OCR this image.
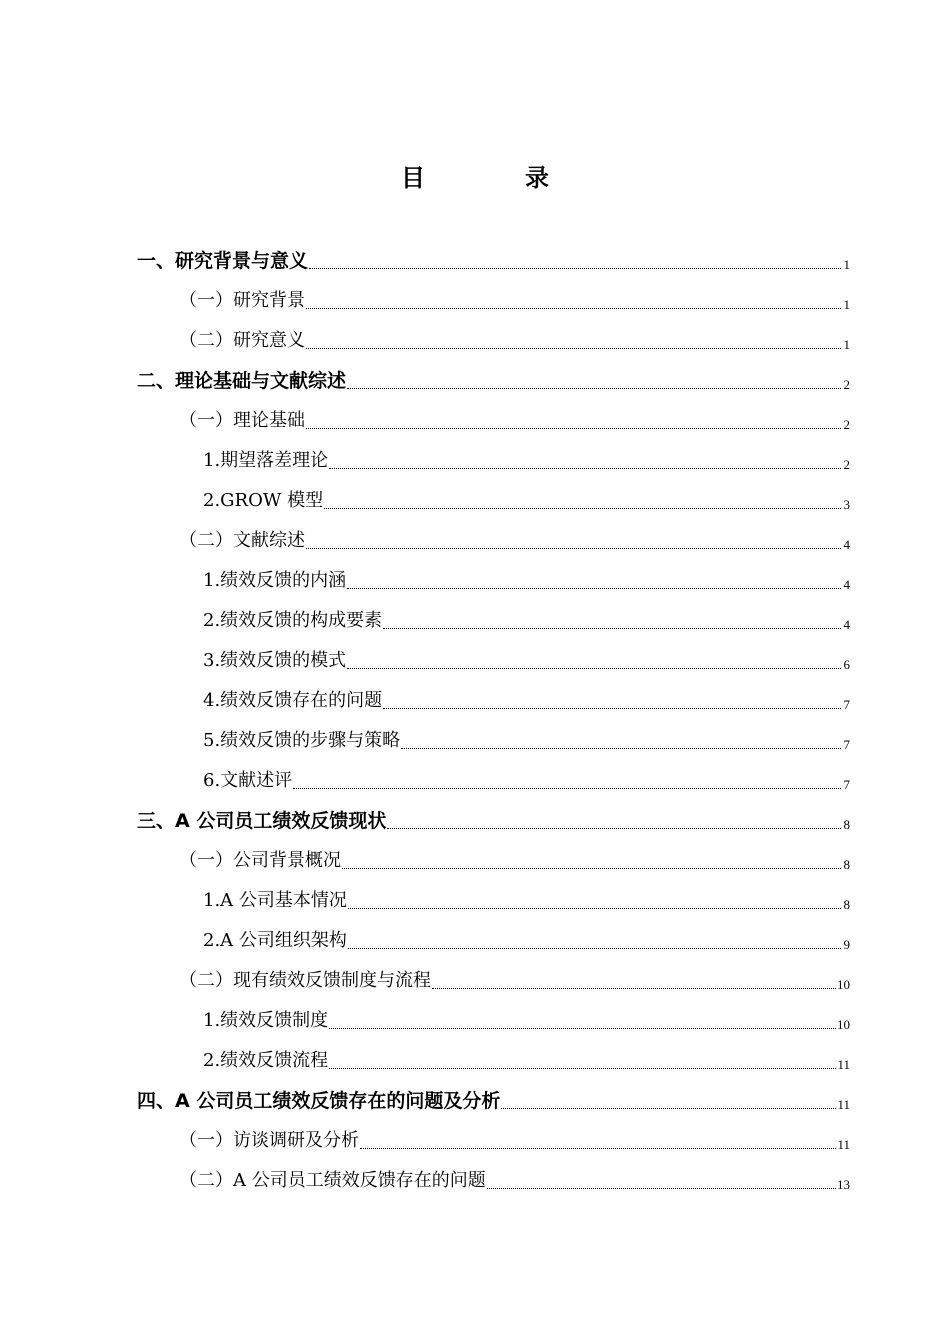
目	录
一、研究背景与意义	1
（一）研究背景	1
（二）研究意义	1
二、理论基础与文献综述	2
（一）理论基础	2
1.期望落差理论	2
2.GROW 模型	3
（二）文献综述	4
1.绩效反馈的内涵	4
2.绩效反馈的构成要素	4
3.绩效反馈的模式	6
4.绩效反馈存在的问题	7
5.绩效反馈的步骤与策略	7
6.文献述评	7
三、A 公司员工绩效反馈现状	8
（一）公司背景概况	8
1.A 公司基本情况	8
2.A 公司组织架构	9
（二）现有绩效反馈制度与流程	10
1.绩效反馈制度	10
2.绩效反馈流程	11
四、A 公司员工绩效反馈存在的问题及分析	11
（一）访谈调研及分析	11
（二）A 公司员工绩效反馈存在的问题	13
